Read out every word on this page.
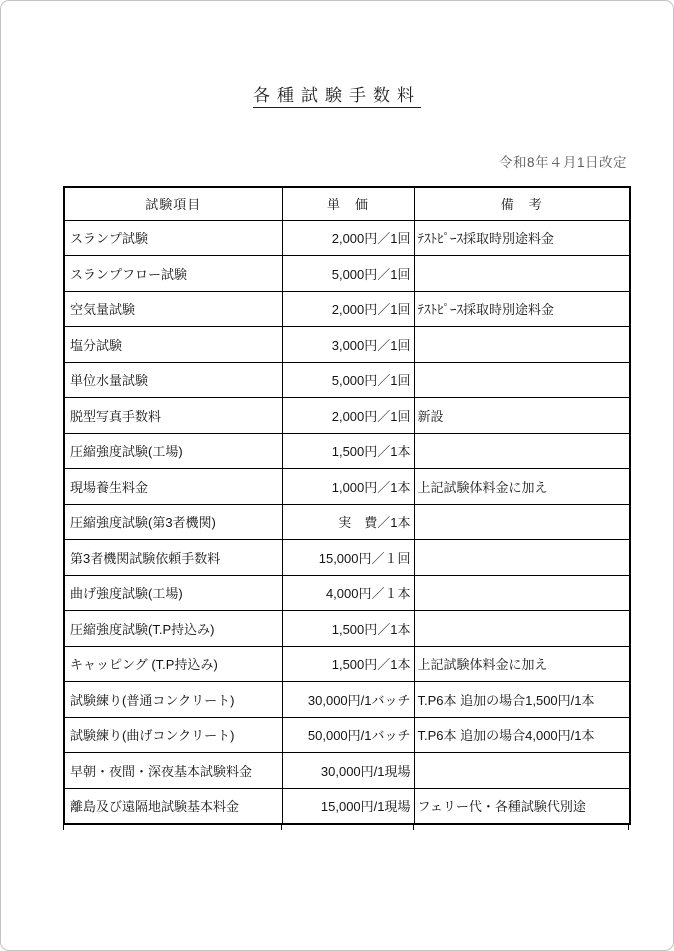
各種試験手数料
令和8年４月1日改定
試験項目	単　価	備　考
スランプ試験	2,000円／1回	ﾃｽﾄﾋﾟｰｽ採取時別途料金
スランプフロー試験	5,000円／1回	
空気量試験	2,000円／1回	ﾃｽﾄﾋﾟｰｽ採取時別途料金
塩分試験	3,000円／1回	
単位水量試験	5,000円／1回	
脱型写真手数料	2,000円／1回	新設
圧縮強度試験(工場)	1,500円／1本	
現場養生料金	1,000円／1本	上記試験体料金に加え
圧縮強度試験(第3者機関)	実　費／1本	
第3者機関試験依頼手数料	15,000円／１回	
曲げ強度試験(工場)	4,000円／１本	
圧縮強度試験(T.P持込み)	1,500円／1本	
キャッピング (T.P持込み)	1,500円／1本	上記試験体料金に加え
試験練り(普通コンクリート)	30,000円/1バッチ	T.P6本 追加の場合1,500円/1本
試験練り(曲げコンクリート)	50,000円/1バッチ	T.P6本 追加の場合4,000円/1本
早朝・夜間・深夜基本試験料金	30,000円/1現場	
離島及び遠隔地試験基本料金	15,000円/1現場	フェリー代・各種試験代別途
